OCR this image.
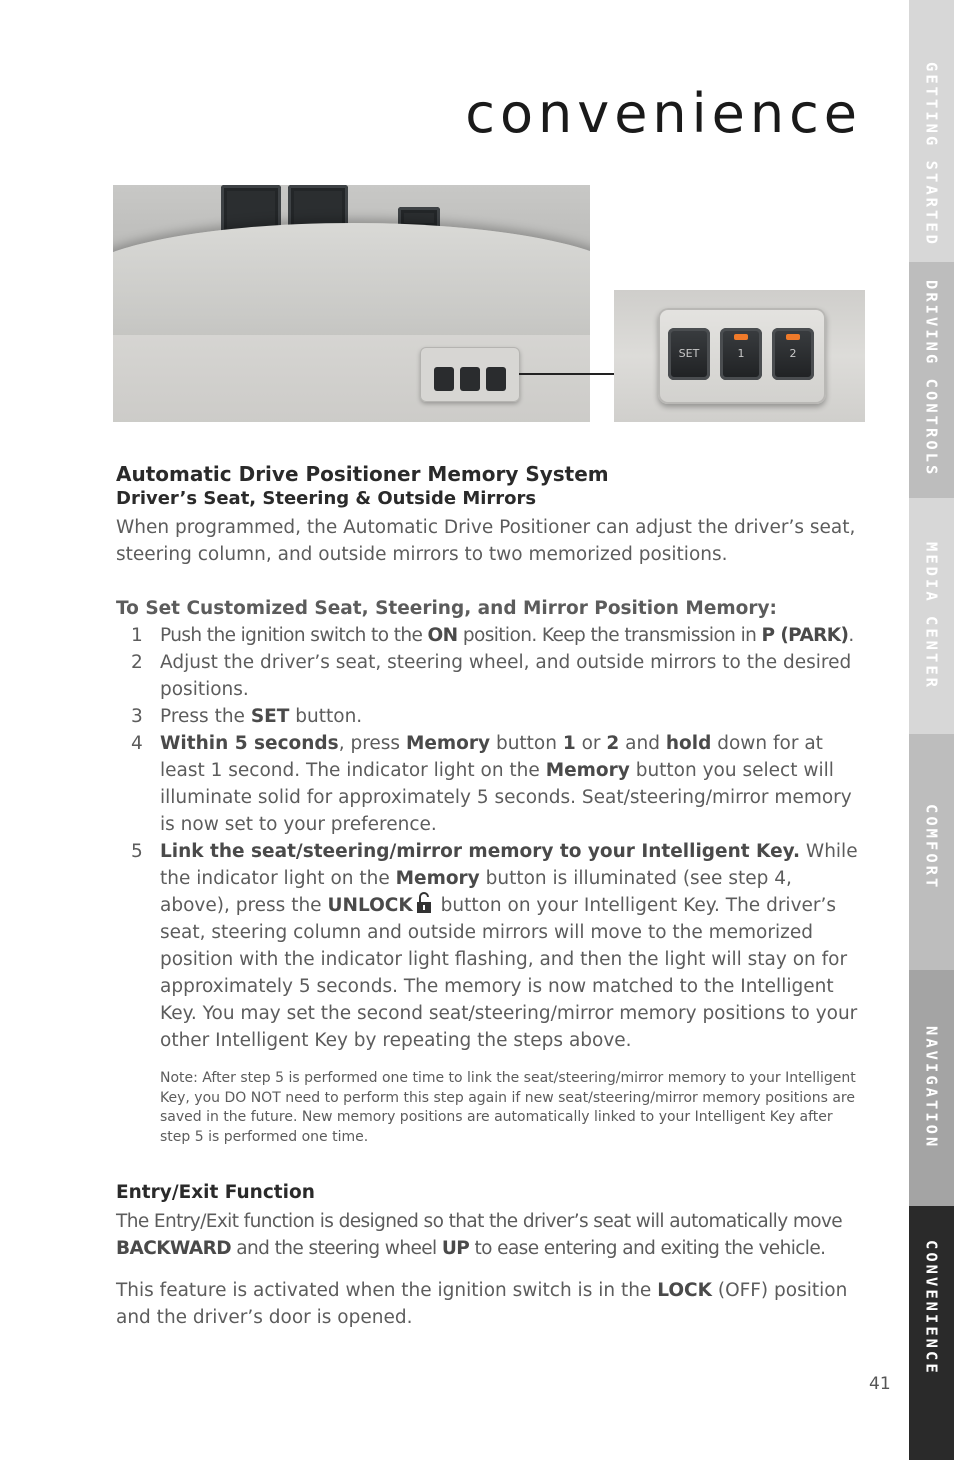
convenience
SET	1	2
Automatic Drive Positioner Memory System
Driver’s Seat, Steering & Outside Mirrors

When programmed, the Automatic Drive Positioner can adjust the driver’s seat, steering column, and outside mirrors to two memorized positions.

To Set Customized Seat, Steering, and Mirror Position Memory:

1 Push the ignition switch to the ON position. Keep the transmission in P (PARK).
2 Adjust the driver’s seat, steering wheel, and outside mirrors to the desired positions.
3 Press the SET button.
4 Within 5 seconds, press Memory button 1 or 2 and hold down for at least 1 second. The indicator light on the Memory button you select will illuminate solid for approximately 5 seconds. Seat/steering/mirror memory is now set to your preference.
5 Link the seat/steering/mirror memory to your Intelligent Key. While the indicator light on the Memory button is illuminated (see step 4, above), press the UNLOCK button on your Intelligent Key. The driver’s seat, steering column and outside mirrors will move to the memorized position with the indicator light flashing, and then the light will stay on for approximately 5 seconds. The memory is now matched to the Intelligent Key. You may set the second seat/steering/mirror memory positions to your other Intelligent Key by repeating the steps above.

Note: After step 5 is performed one time to link the seat/steering/mirror memory to your Intelligent Key, you DO NOT need to perform this step again if new seat/steering/mirror memory positions are saved in the future. New memory positions are automatically linked to your Intelligent Key after step 5 is performed one time.

Entry/Exit Function

The Entry/Exit function is designed so that the driver’s seat will automatically move BACKWARD and the steering wheel UP to ease entering and exiting the vehicle.

This feature is activated when the ignition switch is in the LOCK (OFF) position and the driver’s door is opened.

GETTING STARTED
DRIVING CONTROLS
MEDIA CENTER
COMFORT
NAVIGATION
CONVENIENCE
41
